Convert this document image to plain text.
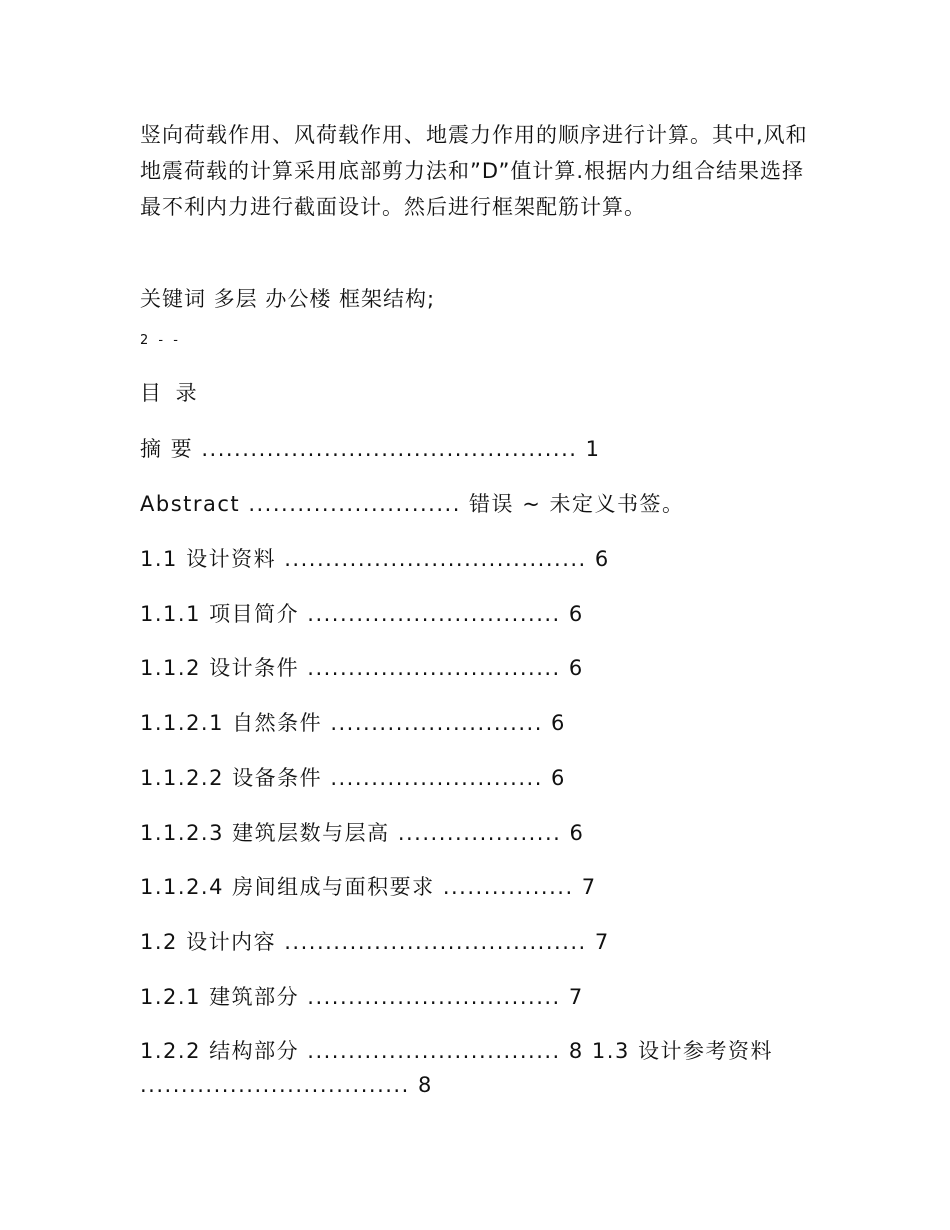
竖向荷载作用、风荷载作用、地震力作用的顺序进行计算。其中,风和地震荷载的计算采用底部剪力法和”D”值计算.根据内力组合结果选择最不利内力进行截面设计。然后进行框架配筋计算。

关键词 多层 办公楼 框架结构;

2 - -
目 录
摘 要 .............................................. 1
Abstract .......................... 错误 ~ 未定义书签。
1.1 设计资料 ..................................... 6
1.1.1 项目简介 ............................... 6
1.1.2 设计条件 ............................... 6
1.1.2.1 自然条件 .......................... 6
1.1.2.2 设备条件 .......................... 6
1.1.2.3 建筑层数与层高 .................... 6
1.1.2.4 房间组成与面积要求 ................ 7
1.2 设计内容 ..................................... 7
1.2.1 建筑部分 ............................... 7
1.2.2 结构部分 ............................... 8 1.3 设计参考资料 ................................. 8
